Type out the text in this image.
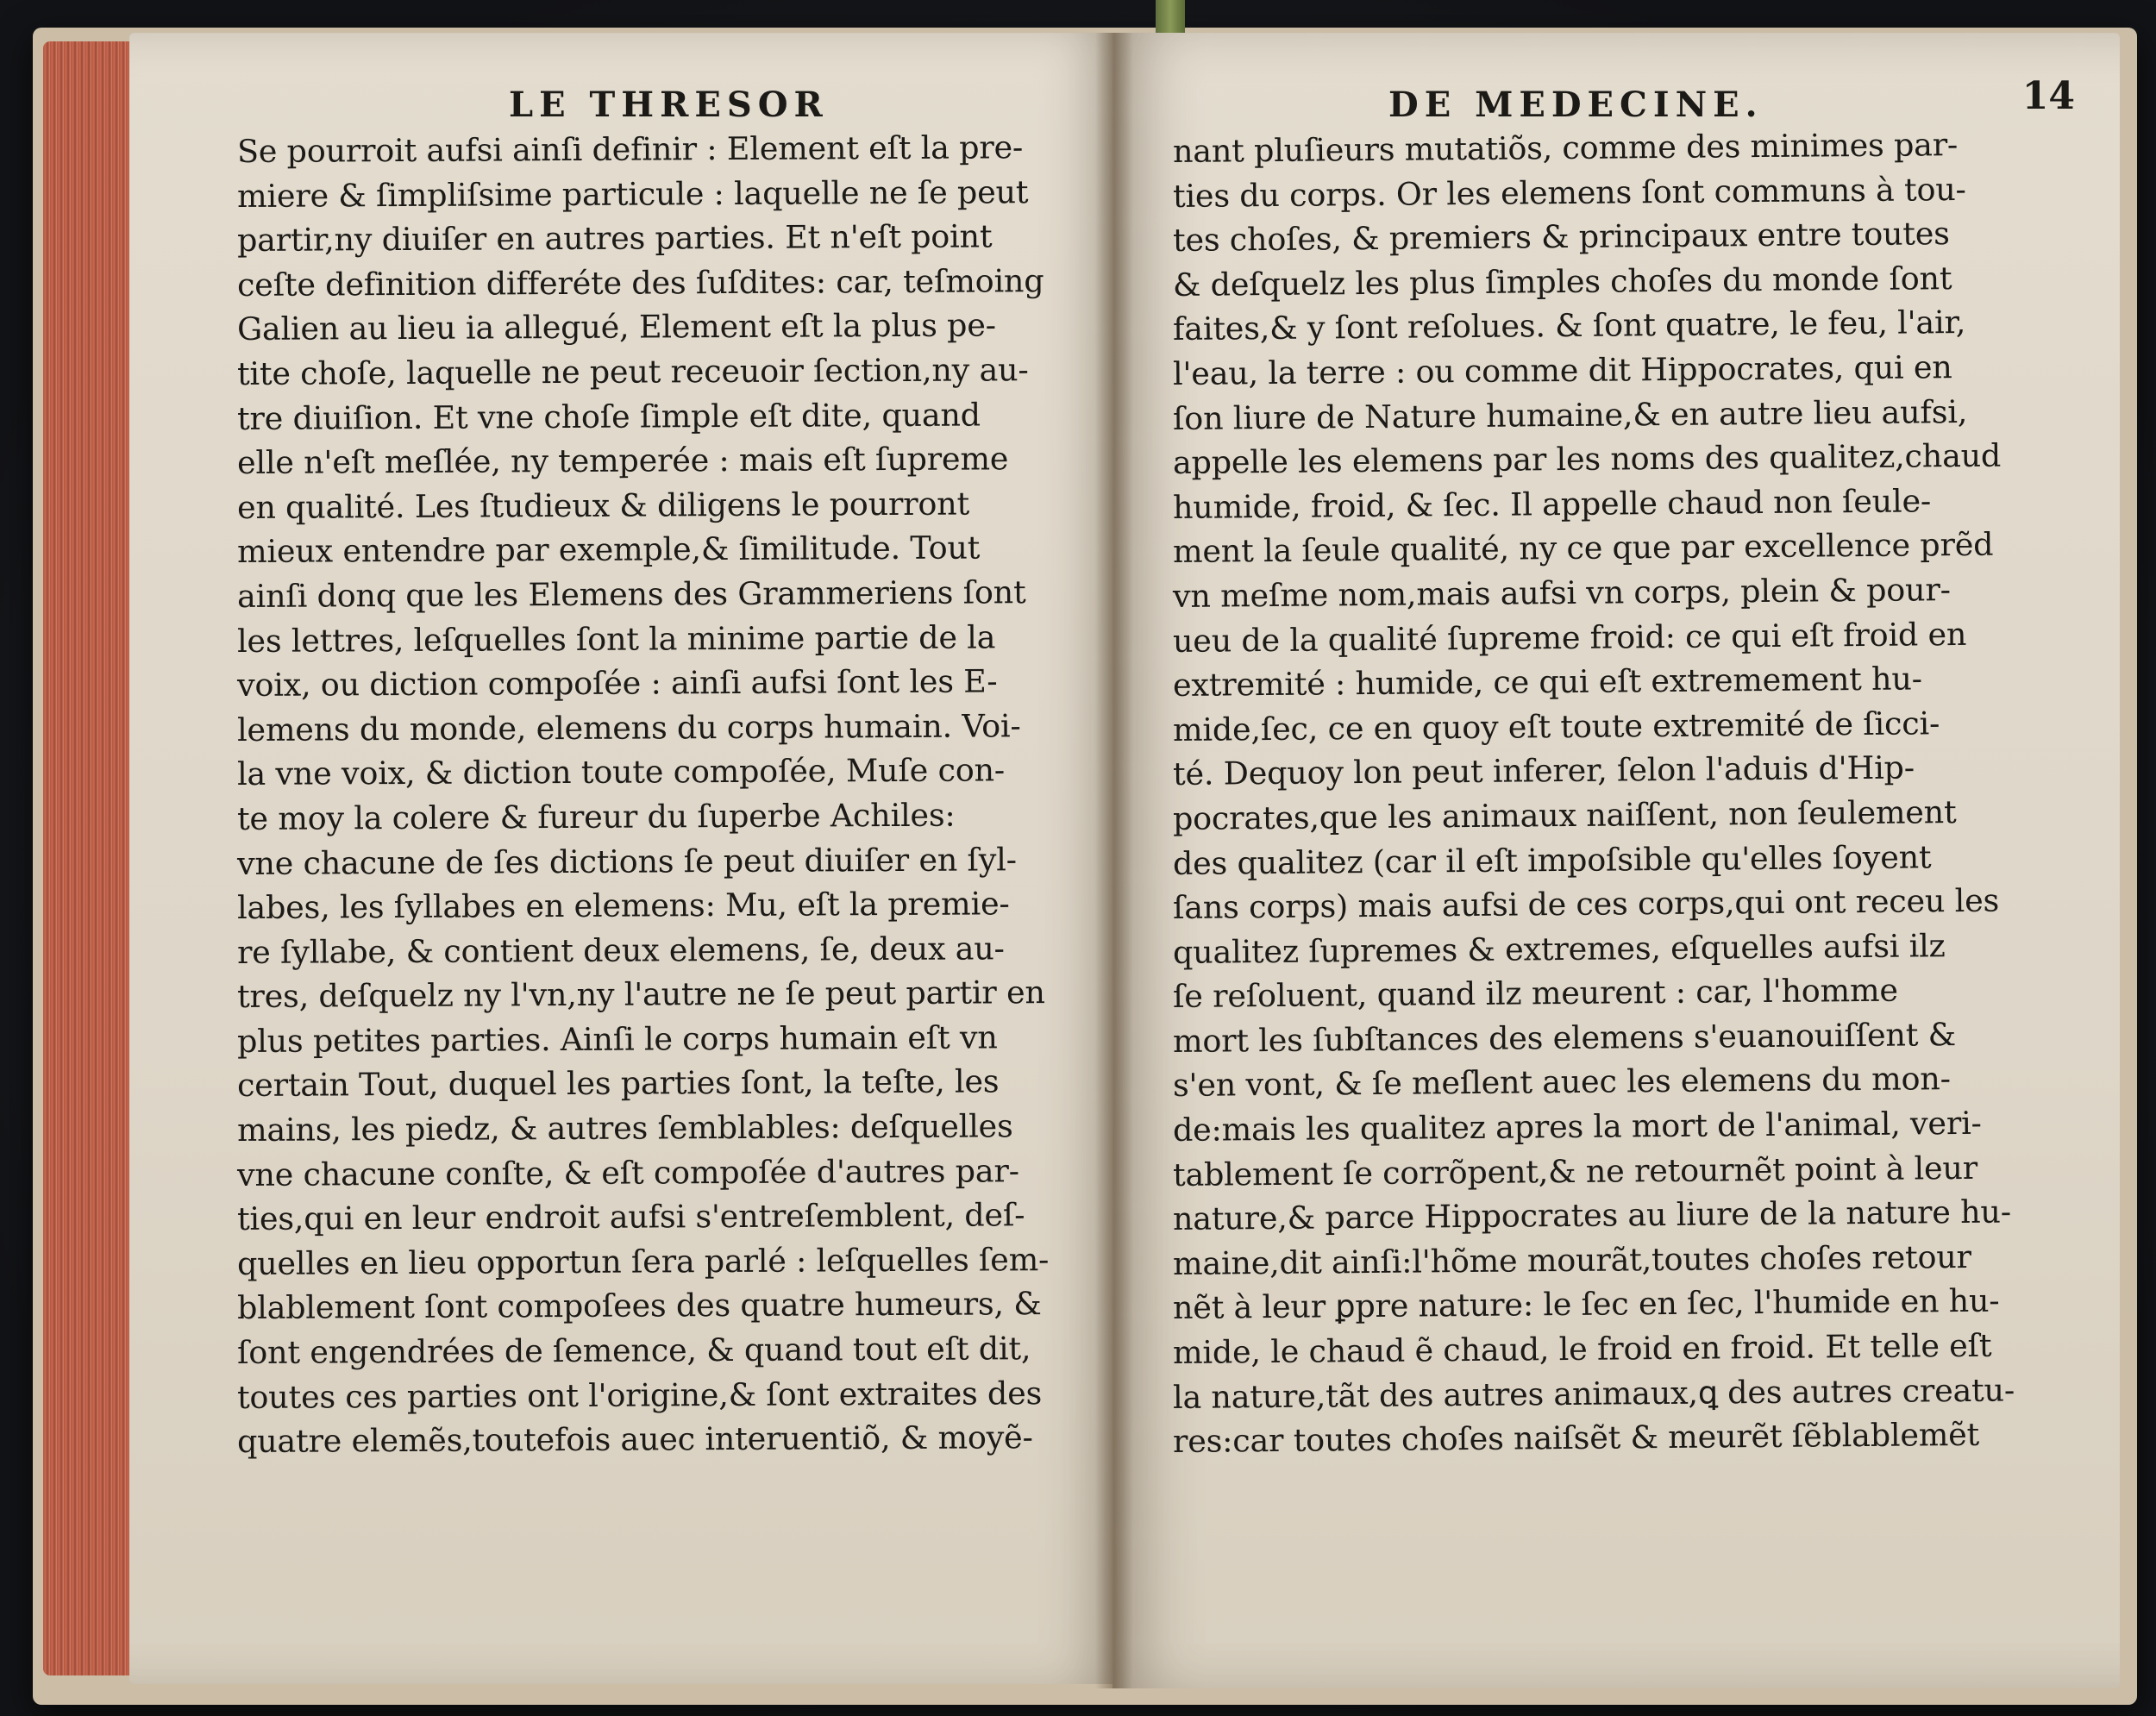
LE THRESOR
Se pourroit aufsi ainſi definir : Element eſt la pre-
miere & ſimpliſsime particule : laquelle ne ſe peut
partir,ny diuiſer en autres parties. Et n'eſt point
ceſte definition differéte des ſuſdites: car, teſmoing
Galien au lieu ia allegué, Element eſt la plus pe-
tite choſe, laquelle ne peut receuoir ſection,ny au-
tre diuiſion. Et vne choſe ſimple eſt dite, quand
elle n'eſt meſlée, ny temperée : mais eſt ſupreme
en qualité. Les ſtudieux & diligens le pourront
mieux entendre par exemple,& ſimilitude. Tout
ainſi donq que les Elemens des Grammeriens ſont
les lettres, leſquelles ſont la minime partie de la
voix, ou diction compoſée : ainſi aufsi ſont les E-
lemens du monde, elemens du corps humain. Voi-
la vne voix, & diction toute compoſée, Muſe con-
te moy la colere & fureur du ſuperbe Achiles:
vne chacune de ſes dictions ſe peut diuiſer en ſyl-
labes, les ſyllabes en elemens: Mu, eſt la premie-
re ſyllabe, & contient deux elemens, ſe, deux au-
tres, deſquelz ny l'vn,ny l'autre ne ſe peut partir en
plus petites parties. Ainſi le corps humain eſt vn
certain Tout, duquel les parties ſont, la teſte, les
mains, les piedz, & autres ſemblables: deſquelles
vne chacune conſte, & eſt compoſée d'autres par-
ties,qui en leur endroit aufsi s'entreſemblent, deſ-
quelles en lieu opportun ſera parlé : leſquelles ſem-
blablement ſont compoſees des quatre humeurs, &
ſont engendrées de ſemence, & quand tout eſt dit,
toutes ces parties ont l'origine,& ſont extraites des
quatre elemẽs,toutefois auec interuentiõ, & moyẽ-
DE MEDECINE.	14
nant pluſieurs mutatiõs, comme des minimes par-
ties du corps. Or les elemens ſont communs à tou-
tes choſes, & premiers & principaux entre toutes
& deſquelz les plus ſimples choſes du monde ſont
faites,& y ſont reſolues. & ſont quatre, le feu, l'air,
l'eau, la terre : ou comme dit Hippocrates, qui en
ſon liure de Nature humaine,& en autre lieu aufsi,
appelle les elemens par les noms des qualitez,chaud
humide, froid, & ſec. Il appelle chaud non ſeule-
ment la ſeule qualité, ny ce que par excellence prẽd
vn meſme nom,mais aufsi vn corps, plein & pour-
ueu de la qualité ſupreme froid: ce qui eſt froid en
extremité : humide, ce qui eſt extremement hu-
mide,ſec, ce en quoy eſt toute extremité de ſicci-
té. Dequoy lon peut inferer, ſelon l'aduis d'Hip-
pocrates,que les animaux naiſſent, non ſeulement
des qualitez (car il eſt impoſsible qu'elles ſoyent
ſans corps) mais aufsi de ces corps,qui ont receu les
qualitez ſupremes & extremes, eſquelles aufsi ilz
ſe reſoluent, quand ilz meurent : car, l'homme
mort les ſubſtances des elemens s'euanouiſſent &
s'en vont, & ſe meſlent auec les elemens du mon-
de:mais les qualitez apres la mort de l'animal, veri-
tablement ſe corrõpent,& ne retournẽt point à leur
nature,& parce Hippocrates au liure de la nature hu-
maine,dit ainſi:l'hõme mourãt,toutes choſes retour
nẽt à leur ꝑpre nature: le ſec en ſec, l'humide en hu-
mide, le chaud ẽ chaud, le froid en froid. Et telle eſt
la nature,tãt des autres animaux,ꝗ des autres creatu-
res:car toutes choſes naiſsẽt & meurẽt ſẽblablemẽt
